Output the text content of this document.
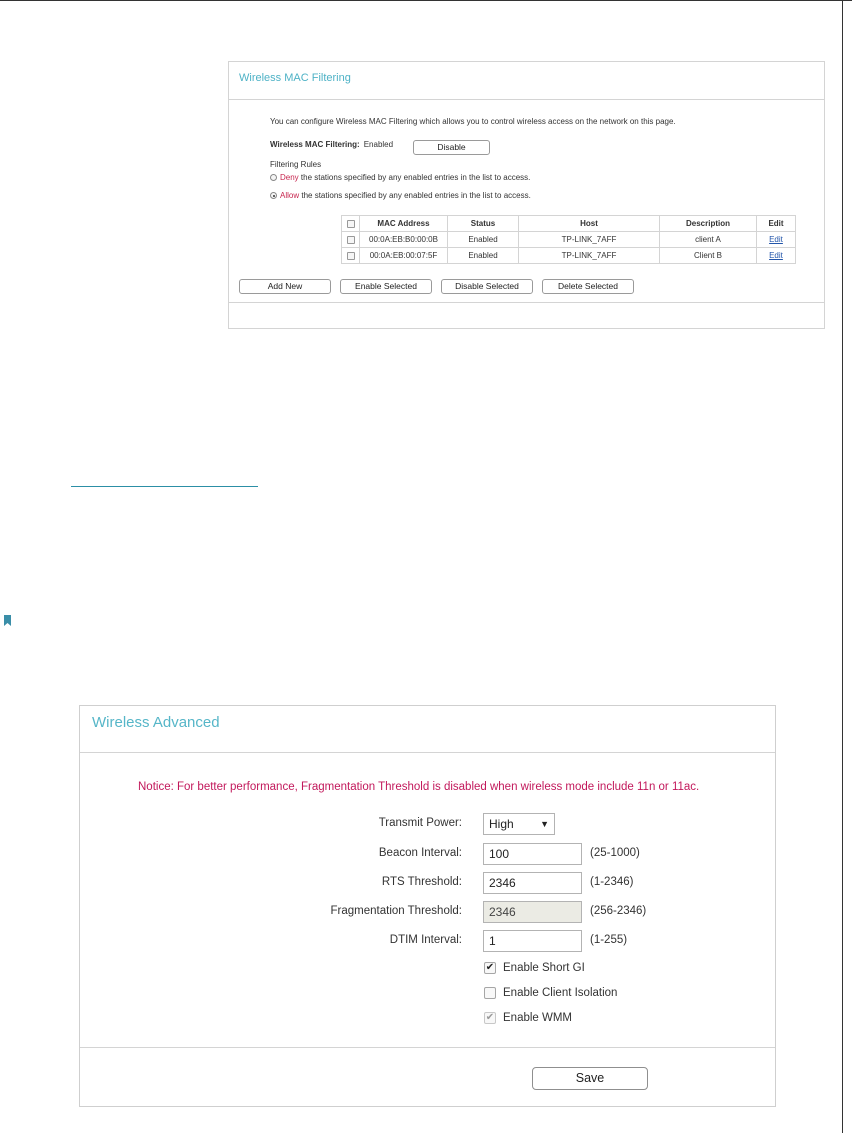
Wireless MAC Filtering
You can configure Wireless MAC Filtering which allows you to control wireless access on the network on this page.
Wireless MAC Filtering: Enabled	Disable
Filtering Rules
Deny the stations specified by any enabled entries in the list to access.
Allow the stations specified by any enabled entries in the list to access.
	MAC Address	Status	Host	Description	Edit
	00:0A:EB:B0:00:0B	Enabled	TP-LINK_7AFF	client A	Edit
	00:0A:EB:00:07:5F	Enabled	TP-LINK_7AFF	Client B	Edit
Add New	Enable Selected	Disable Selected	Delete Selected
Wireless Advanced
Notice: For better performance, Fragmentation Threshold is disabled when wireless mode include 11n or 11ac.
Transmit Power: High	▼
Beacon Interval:	100	(25-1000)
RTS Threshold:	2346	(1-2346)
Fragmentation Threshold:	2346	(256-2346)
DTIM Interval:	1	(1-255)
✔ Enable Short GI
Enable Client Isolation
✔ Enable WMM
Save
